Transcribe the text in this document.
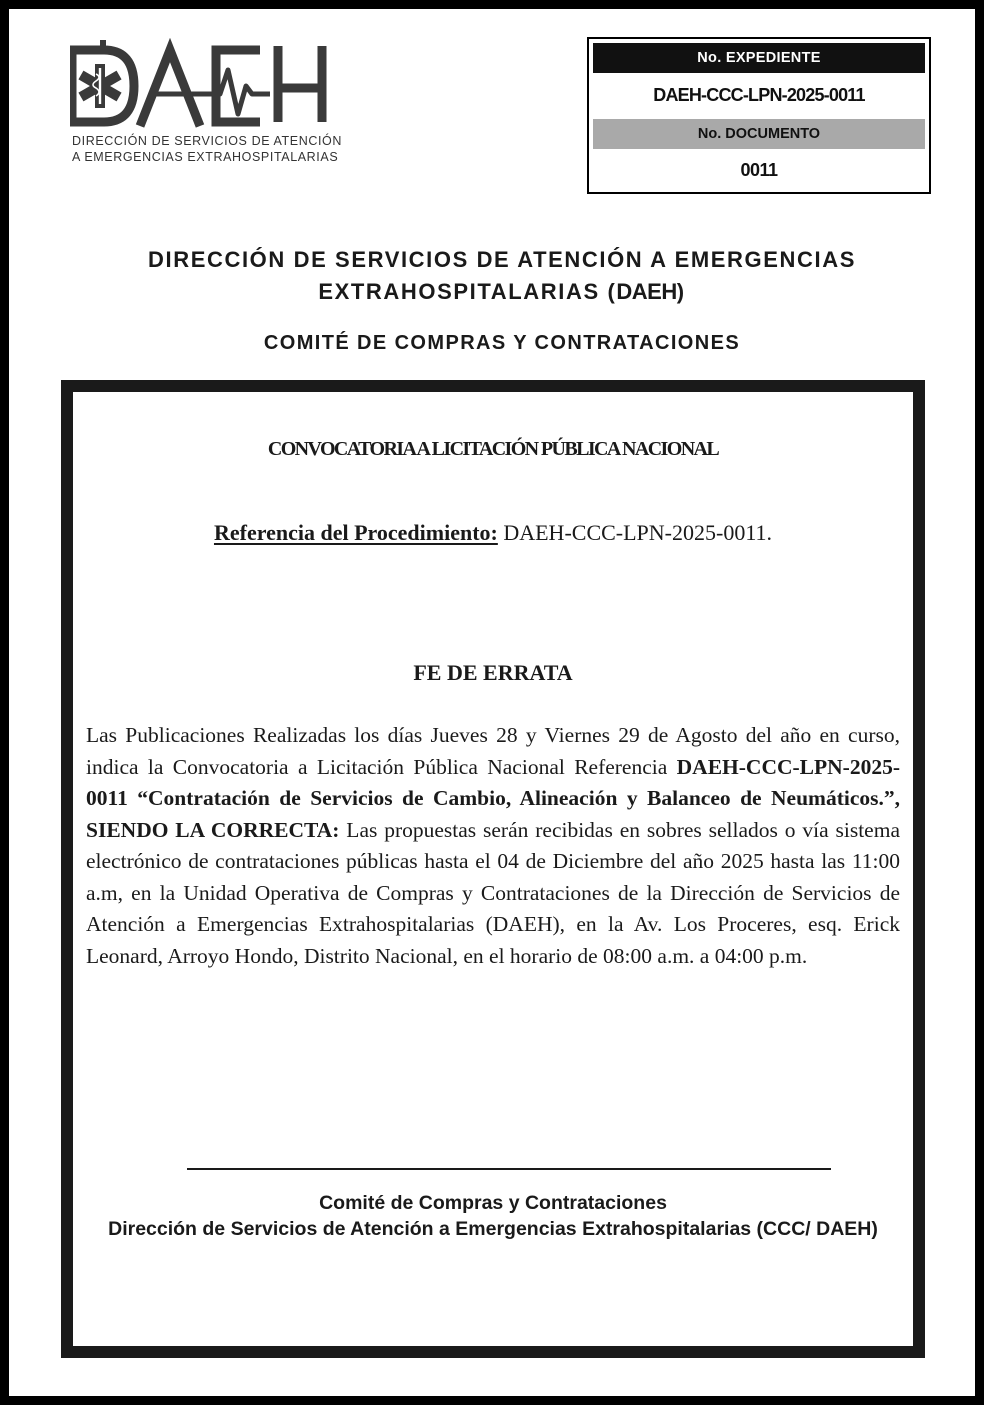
DIRECCIÓN DE SERVICIOS DE ATENCIÓN
A EMERGENCIAS EXTRAHOSPITALARIAS
No. EXPEDIENTE
DAEH-CCC-LPN-2025-0011
No. DOCUMENTO
0011
DIRECCIÓN DE SERVICIOS DE ATENCIÓN A EMERGENCIAS
EXTRAHOSPITALARIAS (DAEH)
COMITÉ DE COMPRAS Y CONTRATACIONES
CONVOCATORIA A LICITACIÓN PÚBLICA NACIONAL
Referencia del Procedimiento: DAEH-CCC-LPN-2025-0011.
FE DE ERRATA
Las Publicaciones Realizadas los días Jueves 28 y Viernes 29 de Agosto del año en curso, indica la Convocatoria a Licitación Pública Nacional Referencia DAEH-CCC-LPN-2025-0011 “Contratación de Servicios de Cambio, Alineación y Balanceo de Neumáticos.”, SIENDO LA CORRECTA: Las propuestas serán recibidas en sobres sellados o vía sistema electrónico de contrataciones públicas hasta el 04 de Diciembre del año 2025 hasta las 11:00 a.m, en la Unidad Operativa de Compras y Contrataciones de la Dirección de Servicios de Atención a Emergencias Extrahospitalarias (DAEH), en la Av. Los Proceres, esq. Erick Leonard, Arroyo Hondo, Distrito Nacional, en el horario de 08:00 a.m. a 04:00 p.m.
Comité de Compras y Contrataciones
Dirección de Servicios de Atención a Emergencias Extrahospitalarias (CCC/ DAEH)
